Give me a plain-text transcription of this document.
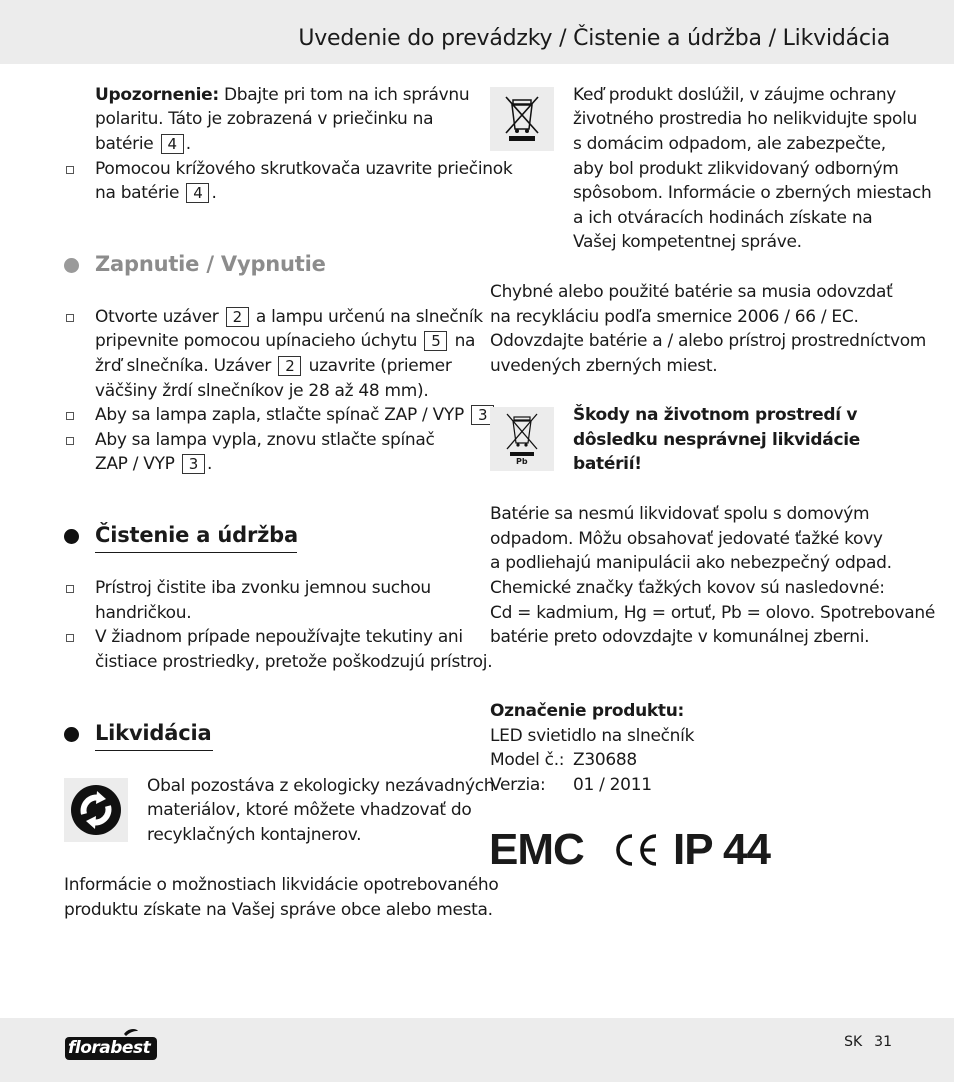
Uvedenie do prevádzky / Čistenie a údržba / Likvidácia
Upozornenie: Dbajte pri tom na ich správnu
polaritu. Táto je zobrazená v priečinku na
batérie 4 .
Pomocou krížového skrutkovača uzavrite priečinok
na batérie 4 .
Zapnutie / Vypnutie
Otvorte uzáver 2 a lampu určenú na slnečník
pripevnite pomocou upínacieho úchytu 5 na
žrď slnečníka. Uzáver 2 uzavrite (priemer
väčšiny žrdí slnečníkov je 28 až 48 mm).
Aby sa lampa zapla, stlačte spínač ZAP / VYP 3
Aby sa lampa vypla, znovu stlačte spínač
ZAP / VYP 3 .
Čistenie a údržba
Prístroj čistite iba zvonku jemnou suchou
handričkou.
V žiadnom prípade nepoužívajte tekutiny ani
čistiace prostriedky, pretože poškodzujú prístroj.
Likvidácia
Obal pozostáva z ekologicky nezávadných
materiálov, ktoré môžete vhadzovať do
recyklačných kontajnerov.
Informácie o možnostiach likvidácie opotrebovaného
produktu získate na Vašej správe obce alebo mesta.
Keď produkt doslúžil, v záujme ochrany
životného prostredia ho nelikvidujte spolu
s domácim odpadom, ale zabezpečte,
aby bol produkt zlikvidovaný odborným
spôsobom. Informácie o zberných miestach
a ich otváracích hodinách získate na
Vašej kompetentnej správe.
Chybné alebo použité batérie sa musia odovzdať
na recykláciu podľa smernice 2006 / 66 / EC.
Odovzdajte batérie a / alebo prístroj prostredníctvom
uvedených zberných miest.
Pb
Škody na životnom prostredí v
dôsledku nesprávnej likvidácie
batérií!
Batérie sa nesmú likvidovať spolu s domovým
odpadom. Môžu obsahovať jedovaté ťažké kovy
a podliehajú manipulácii ako nebezpečný odpad.
Chemické značky ťažkých kovov sú nasledovné:
Cd = kadmium, Hg = ortuť, Pb = olovo. Spotrebované
batérie preto odovzdajte v komunálnej zberni.
Označenie produktu:
LED svietidlo na slnečník
Model č.: Z30688
Verzia: 01 / 2011
EMC IP 44
florabest	SK 31
